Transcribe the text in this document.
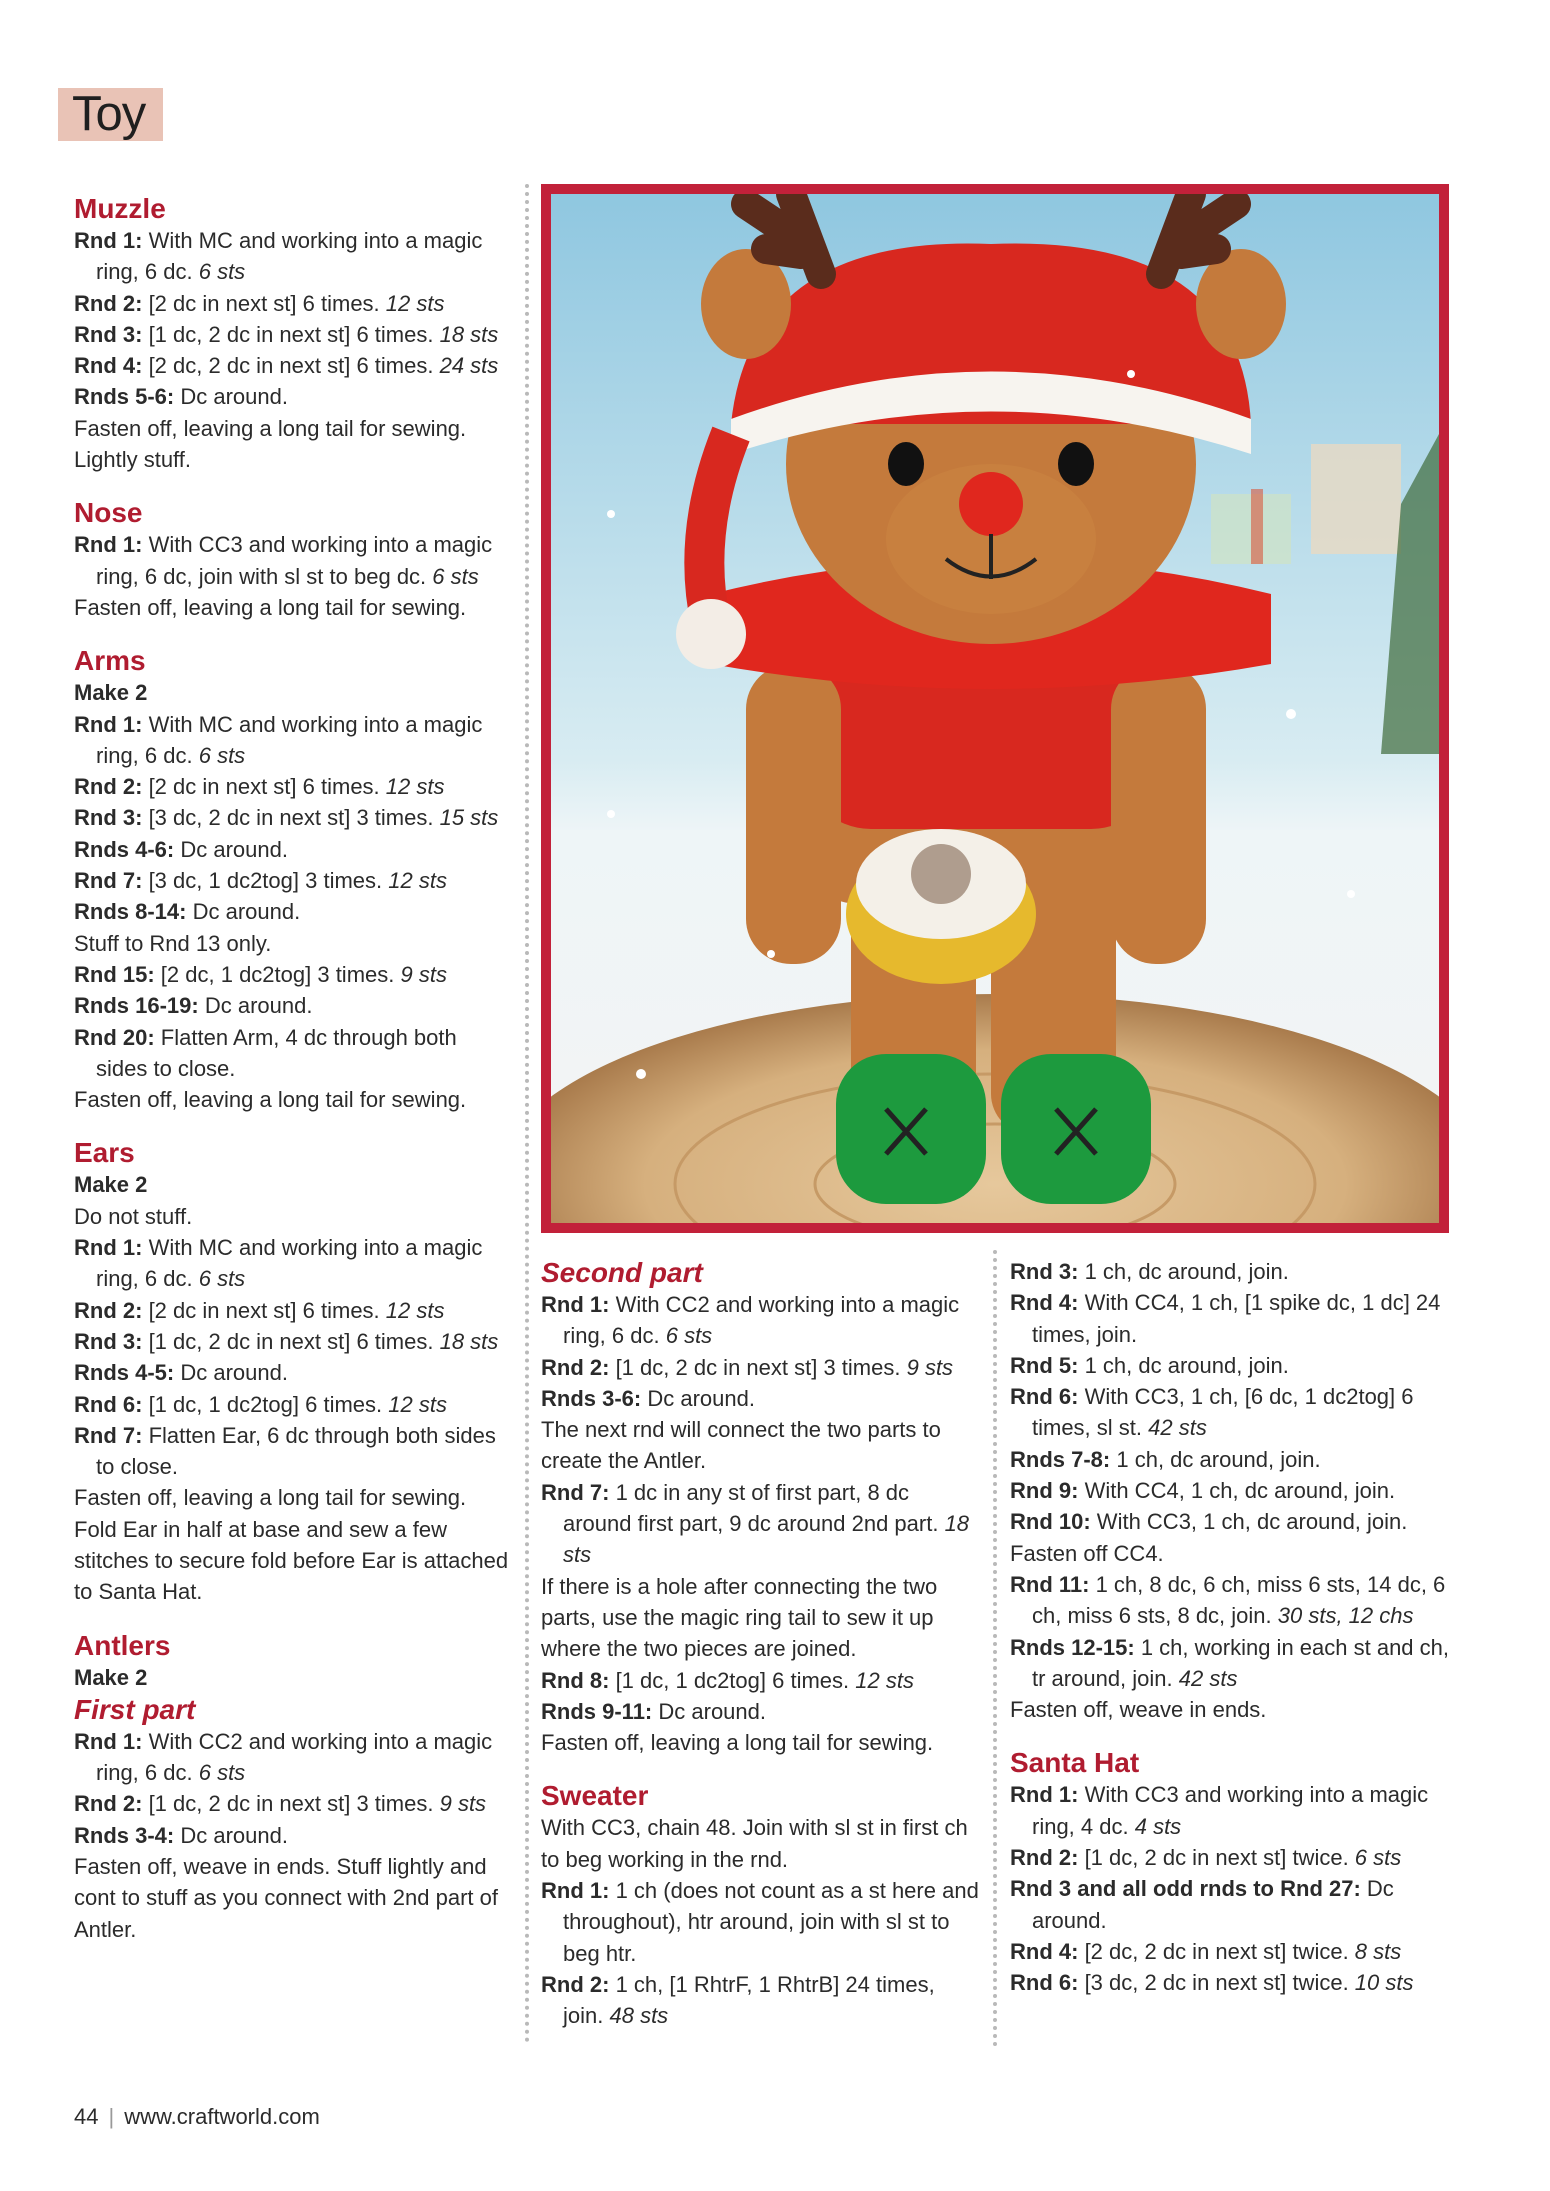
Toy

Muzzle

Rnd 1: With MC and working into a magic ring, 6 dc. 6 sts

Rnd 2: [2 dc in next st] 6 times. 12 sts

Rnd 3: [1 dc, 2 dc in next st] 6 times. 18 sts

Rnd 4: [2 dc, 2 dc in next st] 6 times. 24 sts

Rnds 5-6: Dc around.

Fasten off, leaving a long tail for sewing.

Lightly stuff.

Nose

Rnd 1: With CC3 and working into a magic ring, 6 dc, join with sl st to beg dc. 6 sts

Fasten off, leaving a long tail for sewing.

Arms

Make 2

Rnd 1: With MC and working into a magic ring, 6 dc. 6 sts

Rnd 2: [2 dc in next st] 6 times. 12 sts

Rnd 3: [3 dc, 2 dc in next st] 3 times. 15 sts

Rnds 4-6: Dc around.

Rnd 7: [3 dc, 1 dc2tog] 3 times. 12 sts

Rnds 8-14: Dc around.

Stuff to Rnd 13 only.

Rnd 15: [2 dc, 1 dc2tog] 3 times. 9 sts

Rnds 16-19: Dc around.

Rnd 20: Flatten Arm, 4 dc through both sides to close.

Fasten off, leaving a long tail for sewing.

Ears

Make 2

Do not stuff.

Rnd 1: With MC and working into a magic ring, 6 dc. 6 sts

Rnd 2: [2 dc in next st] 6 times. 12 sts

Rnd 3: [1 dc, 2 dc in next st] 6 times. 18 sts

Rnds 4-5: Dc around.

Rnd 6: [1 dc, 1 dc2tog] 6 times. 12 sts

Rnd 7: Flatten Ear, 6 dc through both sides to close.

Fasten off, leaving a long tail for sewing. Fold Ear in half at base and sew a few stitches to secure fold before Ear is attached to Santa Hat.

Antlers

Make 2

First part

Rnd 1: With CC2 and working into a magic ring, 6 dc. 6 sts

Rnd 2: [1 dc, 2 dc in next st] 3 times. 9 sts

Rnds 3-4: Dc around.

Fasten off, weave in ends. Stuff lightly and cont to stuff as you connect with 2nd part of Antler.

Second part

Rnd 1: With CC2 and working into a magic ring, 6 dc. 6 sts

Rnd 2: [1 dc, 2 dc in next st] 3 times. 9 sts

Rnds 3-6: Dc around.

The next rnd will connect the two parts to create the Antler.

Rnd 7: 1 dc in any st of first part, 8 dc around first part, 9 dc around 2nd part. 18 sts

If there is a hole after connecting the two parts, use the magic ring tail to sew it up where the two pieces are joined.

Rnd 8: [1 dc, 1 dc2tog] 6 times. 12 sts

Rnds 9-11: Dc around.

Fasten off, leaving a long tail for sewing.

Sweater

With CC3, chain 48. Join with sl st in first ch to beg working in the rnd.

Rnd 1: 1 ch (does not count as a st here and throughout), htr around, join with sl st to beg htr.

Rnd 2: 1 ch, [1 RhtrF, 1 RhtrB] 24 times, join. 48 sts

Rnd 3: 1 ch, dc around, join.

Rnd 4: With CC4, 1 ch, [1 spike dc, 1 dc] 24 times, join.

Rnd 5: 1 ch, dc around, join.

Rnd 6: With CC3, 1 ch, [6 dc, 1 dc2tog] 6 times, sl st. 42 sts

Rnds 7-8: 1 ch, dc around, join.

Rnd 9: With CC4, 1 ch, dc around, join.

Rnd 10: With CC3, 1 ch, dc around, join.

Fasten off CC4.

Rnd 11: 1 ch, 8 dc, 6 ch, miss 6 sts, 14 dc, 6 ch, miss 6 sts, 8 dc, join. 30 sts, 12 chs

Rnds 12-15: 1 ch, working in each st and ch, tr around, join. 42 sts

Fasten off, weave in ends.

Santa Hat

Rnd 1: With CC3 and working into a magic ring, 4 dc. 4 sts

Rnd 2: [1 dc, 2 dc in next st] twice. 6 sts

Rnd 3 and all odd rnds to Rnd 27: Dc around.

Rnd 4: [2 dc, 2 dc in next st] twice. 8 sts

Rnd 6: [3 dc, 2 dc in next st] twice. 10 sts

44 | www.craftworld.com
